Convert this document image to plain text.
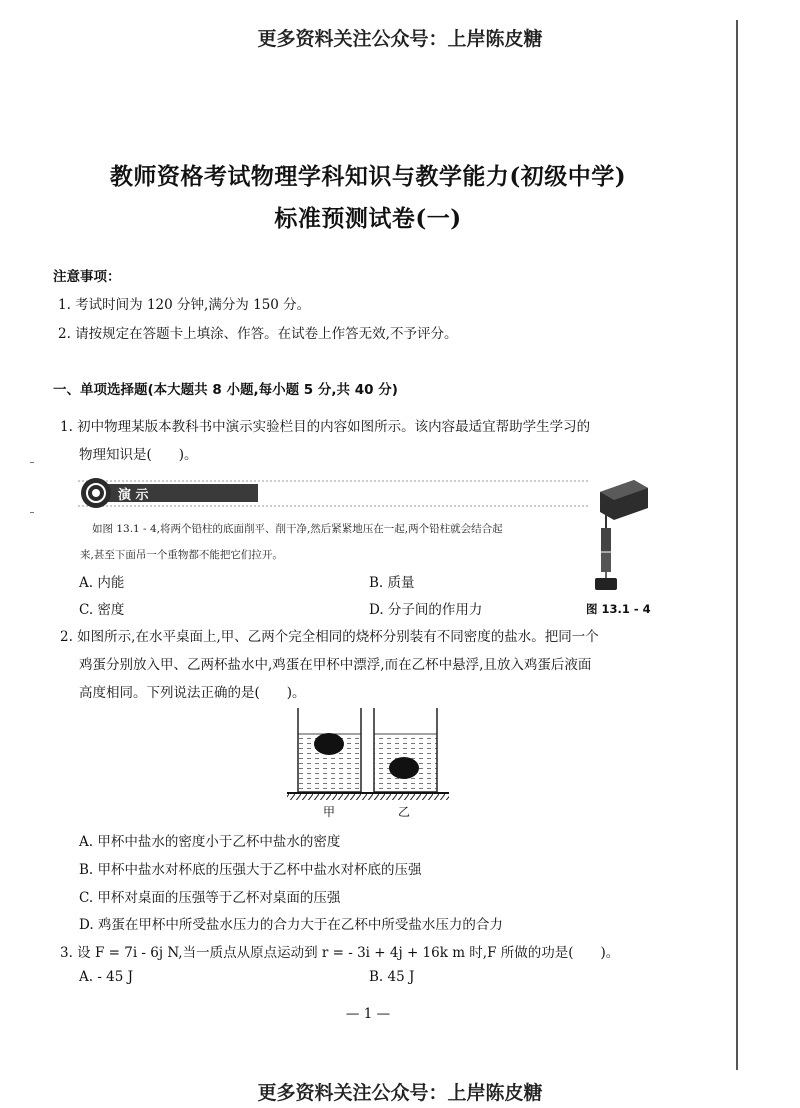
更多资料关注公众号：上岸陈皮糖
教师资格考试物理学科知识与教学能力(初级中学)
标准预测试卷(一)
注意事项：
1. 考试时间为 120 分钟,满分为 150 分。
2. 请按规定在答题卡上填涂、作答。在试卷上作答无效,不予评分。
一、单项选择题(本大题共 8 小题,每小题 5 分,共 40 分)
1. 初中物理某版本教科书中演示实验栏目的内容如图所示。该内容最适宜帮助学生学习的
物理知识是(　　)。
演 示
如图 13.1 - 4,将两个铅柱的底面削平、削干净,然后紧紧地压在一起,两个铅柱就会结合起
来,甚至下面吊一个重物都不能把它们拉开。
A. 内能	B. 质量
C. 密度	D. 分子间的作用力	图 13.1 - 4
2. 如图所示,在水平桌面上,甲、乙两个完全相同的烧杯分别装有不同密度的盐水。把同一个
鸡蛋分别放入甲、乙两杯盐水中,鸡蛋在甲杯中漂浮,而在乙杯中悬浮,且放入鸡蛋后液面
高度相同。下列说法正确的是(　　)。
甲	乙
A. 甲杯中盐水的密度小于乙杯中盐水的密度
B. 甲杯中盐水对杯底的压强大于乙杯中盐水对杯底的压强
C. 甲杯对桌面的压强等于乙杯对桌面的压强
D. 鸡蛋在甲杯中所受盐水压力的合力大于在乙杯中所受盐水压力的合力
3. 设 F = 7i - 6j N,当一质点从原点运动到 r = - 3i + 4j + 16k m 时,F 所做的功是(　　)。
A. - 45 J	B. 45 J
— 1 —
更多资料关注公众号：上岸陈皮糖
